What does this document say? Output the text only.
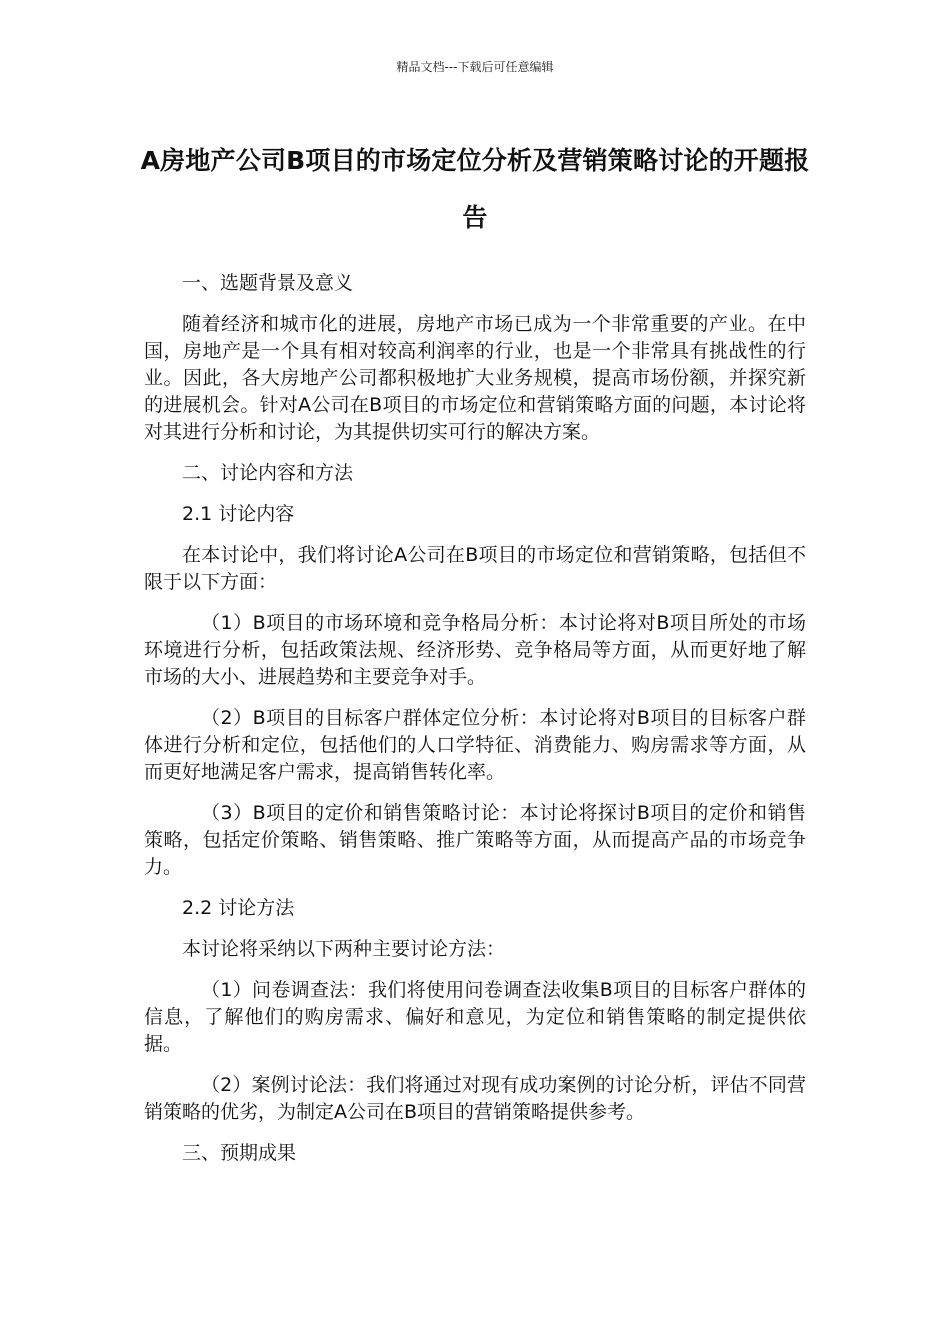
精品文档---下载后可任意编辑
A房地产公司B项目的市场定位分析及营销策略讨论的开题报告

一、选题背景及意义

随着经济和城市化的进展，房地产市场已成为一个非常重要的产业。在中国，房地产是一个具有相对较高利润率的行业，也是一个非常具有挑战性的行业。因此，各大房地产公司都积极地扩大业务规模，提高市场份额，并探究新的进展机会。针对A公司在B项目的市场定位和营销策略方面的问题，本讨论将对其进行分析和讨论，为其提供切实可行的解决方案。

二、讨论内容和方法

2.1 讨论内容

在本讨论中，我们将讨论A公司在B项目的市场定位和营销策略，包括但不限于以下方面：

（1）B项目的市场环境和竞争格局分析：本讨论将对B项目所处的市场环境进行分析，包括政策法规、经济形势、竞争格局等方面，从而更好地了解市场的大小、进展趋势和主要竞争对手。

（2）B项目的目标客户群体定位分析：本讨论将对B项目的目标客户群体进行分析和定位，包括他们的人口学特征、消费能力、购房需求等方面，从而更好地满足客户需求，提高销售转化率。

（3）B项目的定价和销售策略讨论：本讨论将探讨B项目的定价和销售策略，包括定价策略、销售策略、推广策略等方面，从而提高产品的市场竞争力。

2.2 讨论方法

本讨论将采纳以下两种主要讨论方法：

（1）问卷调查法：我们将使用问卷调查法收集B项目的目标客户群体的信息，了解他们的购房需求、偏好和意见，为定位和销售策略的制定提供依据。

（2）案例讨论法：我们将通过对现有成功案例的讨论分析，评估不同营销策略的优劣，为制定A公司在B项目的营销策略提供参考。

三、预期成果
